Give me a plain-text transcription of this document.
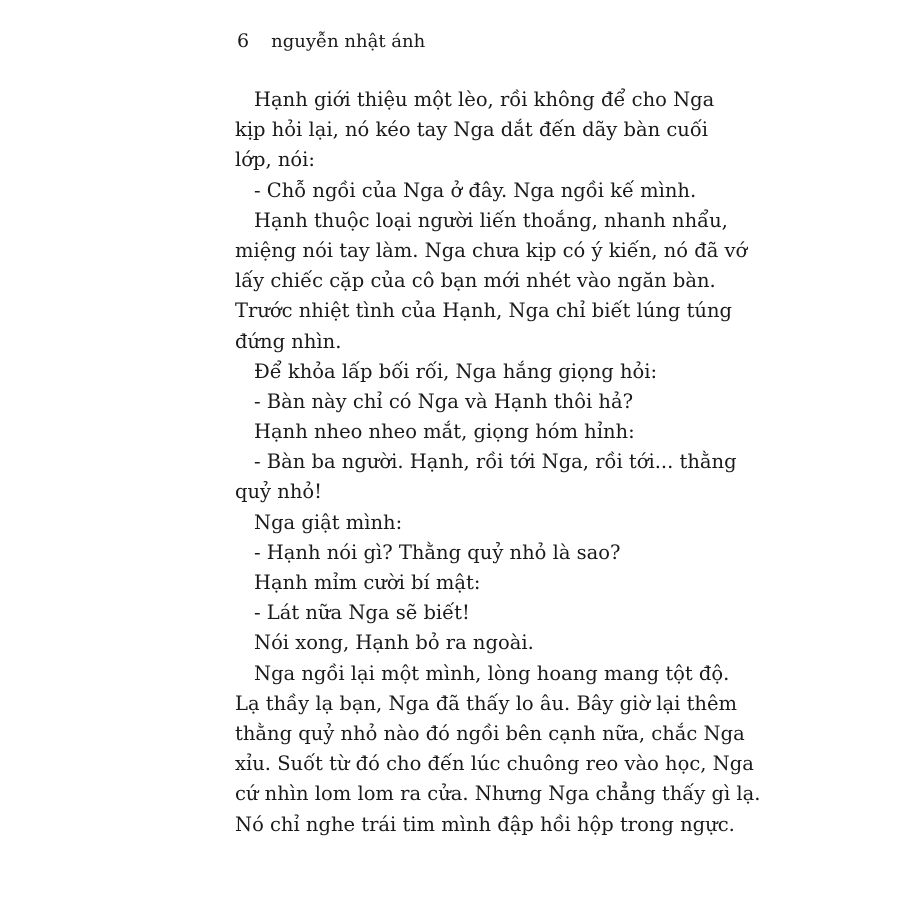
6 nguyễn nhật ánh
Hạnh giới thiệu một lèo, rồi không để cho Nga
kịp hỏi lại, nó kéo tay Nga dắt đến dãy bàn cuối
lớp, nói:
- Chỗ ngồi của Nga ở đây. Nga ngồi kế mình.
Hạnh thuộc loại người liến thoắng, nhanh nhẩu,
miệng nói tay làm. Nga chưa kịp có ý kiến, nó đã vớ
lấy chiếc cặp của cô bạn mới nhét vào ngăn bàn.
Trước nhiệt tình của Hạnh, Nga chỉ biết lúng túng
đứng nhìn.
Để khỏa lấp bối rối, Nga hắng giọng hỏi:
- Bàn này chỉ có Nga và Hạnh thôi hả?
Hạnh nheo nheo mắt, giọng hóm hỉnh:
- Bàn ba người. Hạnh, rồi tới Nga, rồi tới... thằng
quỷ nhỏ!
Nga giật mình:
- Hạnh nói gì? Thằng quỷ nhỏ là sao?
Hạnh mỉm cười bí mật:
- Lát nữa Nga sẽ biết!
Nói xong, Hạnh bỏ ra ngoài.
Nga ngồi lại một mình, lòng hoang mang tột độ.
Lạ thầy lạ bạn, Nga đã thấy lo âu. Bây giờ lại thêm
thằng quỷ nhỏ nào đó ngồi bên cạnh nữa, chắc Nga
xỉu. Suốt từ đó cho đến lúc chuông reo vào học, Nga
cứ nhìn lom lom ra cửa. Nhưng Nga chẳng thấy gì lạ.
Nó chỉ nghe trái tim mình đập hồi hộp trong ngực.
